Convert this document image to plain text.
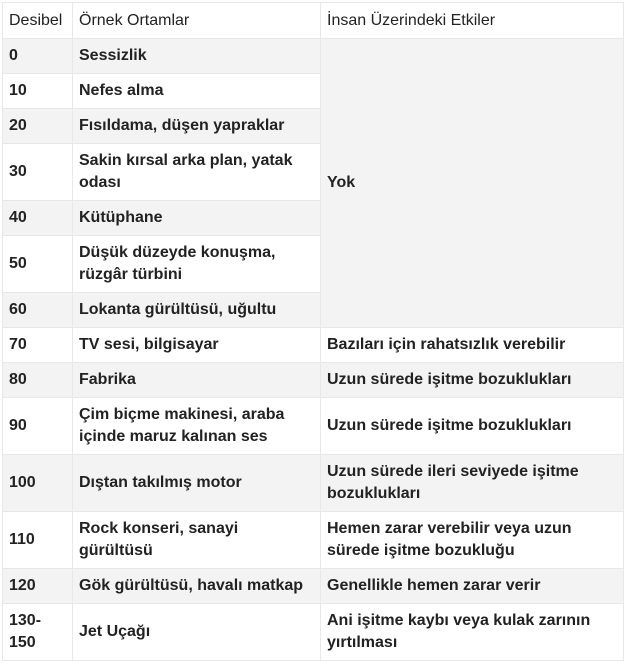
Desibel	Örnek Ortamlar	İnsan Üzerindeki Etkiler
0	Sessizlik	Yok
10	Nefes alma	
20	Fısıldama, düşen yapraklar	
30	Sakin kırsal arka plan, yatak odası	
40	Kütüphane	
50	Düşük düzeyde konuşma, rüzgâr türbini	
60	Lokanta gürültüsü, uğultu	
70	TV sesi, bilgisayar	Bazıları için rahatsızlık verebilir
80	Fabrika	Uzun sürede işitme bozuklukları
90	Çim biçme makinesi, araba içinde maruz kalınan ses	Uzun sürede işitme bozuklukları
100	Dıştan takılmış motor	Uzun sürede ileri seviyede işitme bozuklukları
110	Rock konseri, sanayi gürültüsü	Hemen zarar verebilir veya uzun sürede işitme bozukluğu
120	Gök gürültüsü, havalı matkap	Genellikle hemen zarar verir
130-150	Jet Uçağı	Ani işitme kaybı veya kulak zarının yırtılması
